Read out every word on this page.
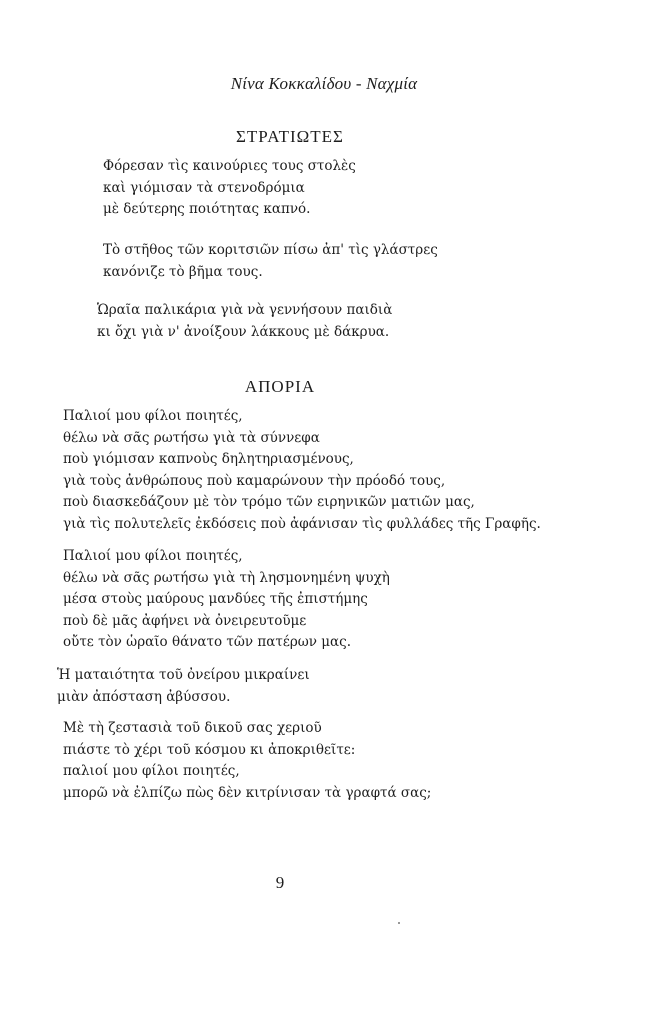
Νίνα Κοκκαλίδου - Ναχμία
ΣΤΡΑΤΙΩΤΕΣ
Φόρεσαν τὶς καινούριες τους στολὲς
καὶ γιόμισαν τὰ στενοδρόμια
μὲ δεύτερης ποιότητας καπνό.
Τὸ στῆθος τῶν κοριτσιῶν πίσω ἀπ' τὶς γλάστρες
κανόνιζε τὸ βῆμα τους.
Ὡραῖα παλικάρια γιὰ νὰ γεννήσουν παιδιὰ
κι ὄχι γιὰ ν' ἀνοίξουν λάκκους μὲ δάκρυα.
ΑΠΟΡΙΑ
Παλιοί μου φίλοι ποιητές,
θέλω νὰ σᾶς ρωτήσω γιὰ τὰ σύννεφα
ποὺ γιόμισαν καπνοὺς δηλητηριασμένους,
γιὰ τοὺς ἀνθρώπους ποὺ καμαρώνουν τὴν πρόοδό τους,
ποὺ διασκεδάζουν μὲ τὸν τρόμο τῶν ειρηνικῶν ματιῶν μας,
γιὰ τὶς πολυτελεῖς ἐκδόσεις ποὺ ἀφάνισαν τὶς φυλλάδες τῆς Γραφῆς.
Παλιοί μου φίλοι ποιητές,
θέλω νὰ σᾶς ρωτήσω γιὰ τὴ λησμονημένη ψυχὴ
μέσα στοὺς μαύρους μανδύες τῆς ἐπιστήμης
ποὺ δὲ μᾶς ἀφήνει νὰ ὀνειρευτοῦμε
οὔτε τὸν ὡραῖο θάνατο τῶν πατέρων μας.
Ἡ ματαιότητα τοῦ ὀνείρου μικραίνει
μιὰν ἀπόσταση ἀβύσσου.
Μὲ τὴ ζεστασιὰ τοῦ δικοῦ σας χεριοῦ
πιάστε τὸ χέρι τοῦ κόσμου κι ἀποκριθεῖτε:
παλιοί μου φίλοι ποιητές,
μπορῶ νὰ ἐλπίζω πὼς δὲν κιτρίνισαν τὰ γραφτά σας;
9
